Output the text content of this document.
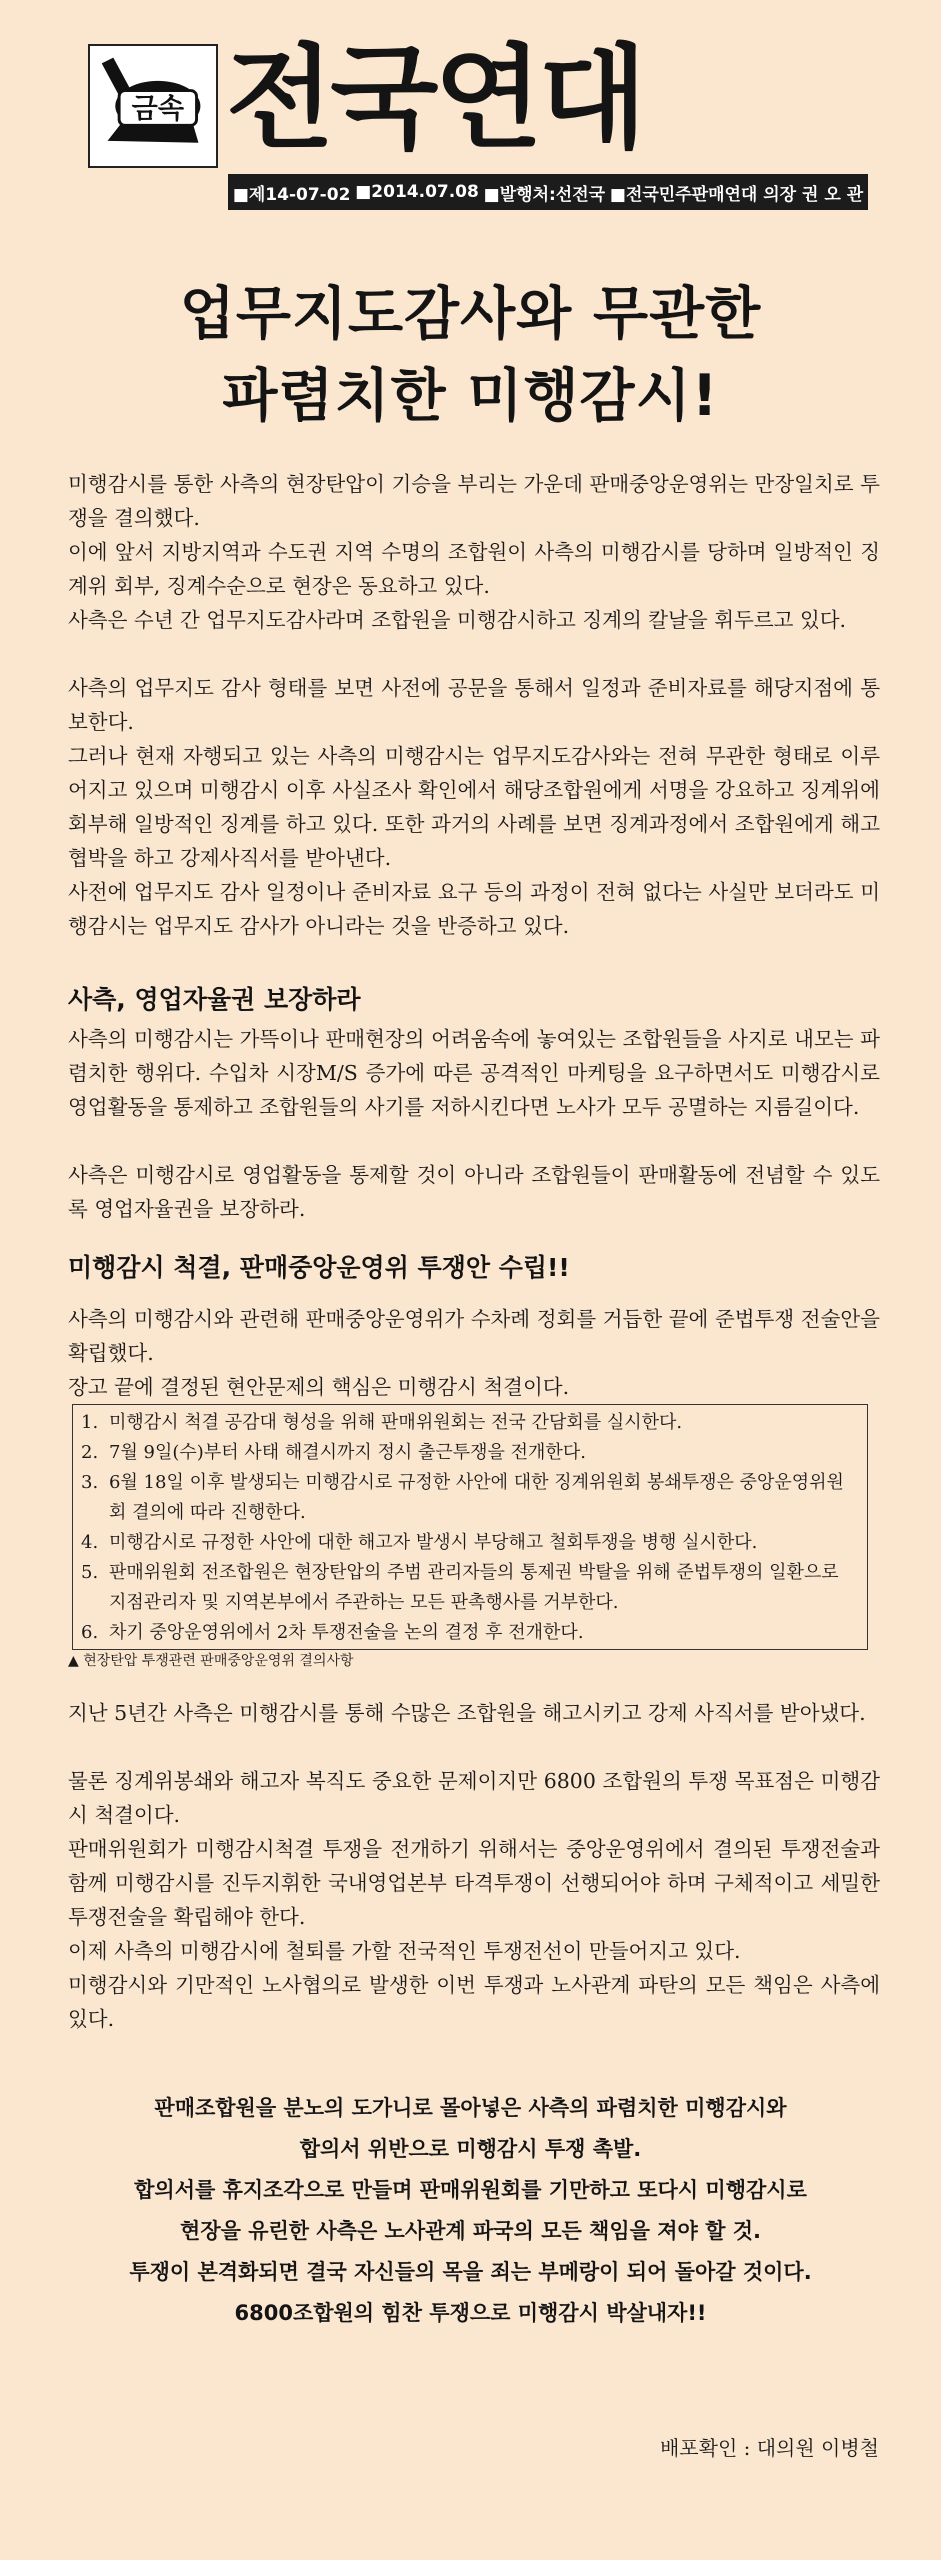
금속 전국연대
■제14-07-02 ■2014.07.08 ■발행처:선전국 ■전국민주판매연대 의장 권 오 관
업무지도감사와 무관한
파렴치한 미행감시!

미행감시를 통한 사측의 현장탄압이 기승을 부리는 가운데 판매중앙운영위는 만장일치로 투쟁을 결의했다.

이에 앞서 지방지역과 수도권 지역 수명의 조합원이 사측의 미행감시를 당하며 일방적인 징계위 회부, 징계수순으로 현장은 동요하고 있다.

사측은 수년 간 업무지도감사라며 조합원을 미행감시하고 징계의 칼날을 휘두르고 있다.

사측의 업무지도 감사 형태를 보면 사전에 공문을 통해서 일정과 준비자료를 해당지점에 통보한다.

그러나 현재 자행되고 있는 사측의 미행감시는 업무지도감사와는 전혀 무관한 형태로 이루어지고 있으며 미행감시 이후 사실조사 확인에서 해당조합원에게 서명을 강요하고 징계위에 회부해 일방적인 징계를 하고 있다. 또한 과거의 사례를 보면 징계과정에서 조합원에게 해고협박을 하고 강제사직서를 받아낸다.

사전에 업무지도 감사 일정이나 준비자료 요구 등의 과정이 전혀 없다는 사실만 보더라도 미행감시는 업무지도 감사가 아니라는 것을 반증하고 있다.

사측, 영업자율권 보장하라

사측의 미행감시는 가뜩이나 판매현장의 어려움속에 놓여있는 조합원들을 사지로 내모는 파렴치한 행위다. 수입차 시장M/S 증가에 따른 공격적인 마케팅을 요구하면서도 미행감시로 영업활동을 통제하고 조합원들의 사기를 저하시킨다면 노사가 모두 공멸하는 지름길이다.

사측은 미행감시로 영업활동을 통제할 것이 아니라 조합원들이 판매활동에 전념할 수 있도록 영업자율권을 보장하라.

미행감시 척결, 판매중앙운영위 투쟁안 수립!!

사측의 미행감시와 관련해 판매중앙운영위가 수차례 정회를 거듭한 끝에 준법투쟁 전술안을 확립했다.

장고 끝에 결정된 현안문제의 핵심은 미행감시 척결이다.

1. 미행감시 척결 공감대 형성을 위해 판매위원회는 전국 간담회를 실시한다.
2. 7월 9일(수)부터 사태 해결시까지 정시 출근투쟁을 전개한다.
3. 6월 18일 이후 발생되는 미행감시로 규정한 사안에 대한 징계위원회 봉쇄투쟁은 중앙운영위원회 결의에 따라 진행한다.
4. 미행감시로 규정한 사안에 대한 해고자 발생시 부당해고 철회투쟁을 병행 실시한다.
5. 판매위원회 전조합원은 현장탄압의 주범 관리자들의 통제권 박탈을 위해 준법투쟁의 일환으로 지점관리자 및 지역본부에서 주관하는 모든 판촉행사를 거부한다.
6. 차기 중앙운영위에서 2차 투쟁전술을 논의 결정 후 전개한다.
▲ 현장탄압 투쟁관련 판매중앙운영위 결의사항

지난 5년간 사측은 미행감시를 통해 수많은 조합원을 해고시키고 강제 사직서를 받아냈다.

물론 징계위봉쇄와 해고자 복직도 중요한 문제이지만 6800 조합원의 투쟁 목표점은 미행감시 척결이다.

판매위원회가 미행감시척결 투쟁을 전개하기 위해서는 중앙운영위에서 결의된 투쟁전술과 함께 미행감시를 진두지휘한 국내영업본부 타격투쟁이 선행되어야 하며 구체적이고 세밀한 투쟁전술을 확립해야 한다.

이제 사측의 미행감시에 철퇴를 가할 전국적인 투쟁전선이 만들어지고 있다.

미행감시와 기만적인 노사협의로 발생한 이번 투쟁과 노사관계 파탄의 모든 책임은 사측에 있다.

판매조합원을 분노의 도가니로 몰아넣은 사측의 파렴치한 미행감시와

합의서 위반으로 미행감시 투쟁 촉발.

합의서를 휴지조각으로 만들며 판매위원회를 기만하고 또다시 미행감시로

현장을 유린한 사측은 노사관계 파국의 모든 책임을 져야 할 것.

투쟁이 본격화되면 결국 자신들의 목을 죄는 부메랑이 되어 돌아갈 것이다.

6800조합원의 힘찬 투쟁으로 미행감시 박살내자!!

배포확인 : 대의원 이병철
